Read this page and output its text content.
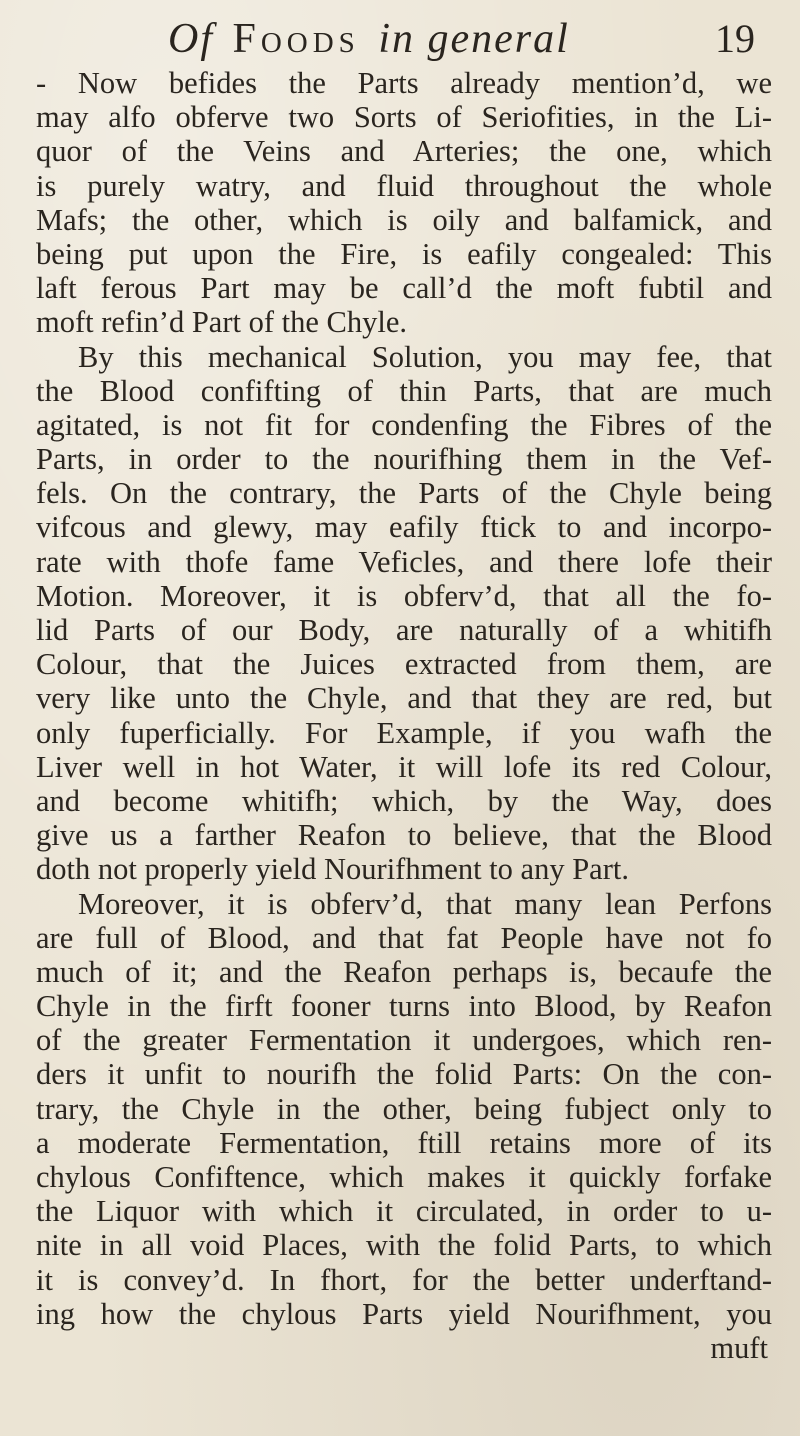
Of Foods in general	19
- Now befides the Parts already mention’d, we
may alfo obferve two Sorts of Seriofities, in the Li-
quor of the Veins and Arteries; the one, which
is purely watry, and fluid throughout the whole
Mafs; the other, which is oily and balfamick, and
being put upon the Fire, is eafily congealed: This
laft ferous Part may be call’d the moft fubtil and
moft refin’d Part of the Chyle.
By this mechanical Solution, you may fee, that
the Blood confifting of thin Parts, that are much
agitated, is not fit for condenfing the Fibres of the
Parts, in order to the nourifhing them in the Vef-
fels. On the contrary, the Parts of the Chyle being
vifcous and glewy, may eafily ftick to and incorpo-
rate with thofe fame Veficles, and there lofe their
Motion. Moreover, it is obferv’d, that all the fo-
lid Parts of our Body, are naturally of a whitifh
Colour, that the Juices extracted from them, are
very like unto the Chyle, and that they are red, but
only fuperficially. For Example, if you wafh the
Liver well in hot Water, it will lofe its red Colour,
and become whitifh; which, by the Way, does
give us a farther Reafon to believe, that the Blood
doth not properly yield Nourifhment to any Part.
Moreover, it is obferv’d, that many lean Perfons
are full of Blood, and that fat People have not fo
much of it; and the Reafon perhaps is, becaufe the
Chyle in the firft fooner turns into Blood, by Reafon
of the greater Fermentation it undergoes, which ren-
ders it unfit to nourifh the folid Parts: On the con-
trary, the Chyle in the other, being fubject only to
a moderate Fermentation, ftill retains more of its
chylous Confiftence, which makes it quickly forfake
the Liquor with which it circulated, in order to u-
nite in all void Places, with the folid Parts, to which
it is convey’d. In fhort, for the better underftand-
ing how the chylous Parts yield Nourifhment, you
muft
